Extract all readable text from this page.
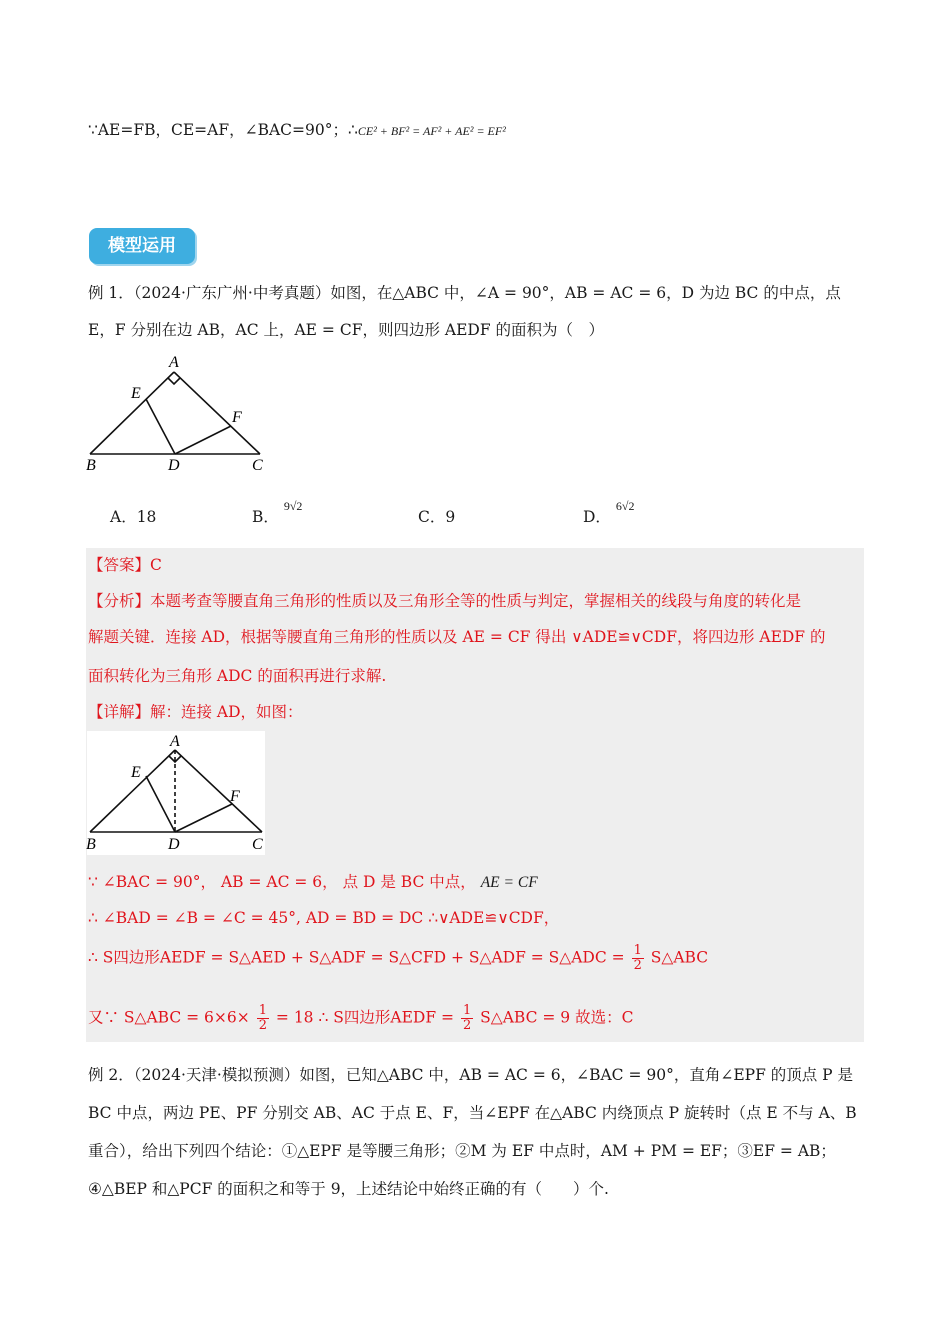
∵AE=FB，CE=AF，∠BAC=90°；∴CE² + BF² = AF² + AE² = EF²
模型运用
例 1．（2024·广东广州·中考真题）如图，在△ABC 中，∠A = 90°，AB = AC = 6，D 为边 BC 的中点，点
E，F 分别在边 AB，AC 上，AE = CF，则四边形 AEDF 的面积为（　）
A
E
F
B	D	C
A．18	B． $^{9√2}$
C．9	D． $^{6√2}$
【答案】C
【分析】本题考查等腰直角三角形的性质以及三角形全等的性质与判定，掌握相关的线段与角度的转化是
解题关键．连接 AD，根据等腰直角三角形的性质以及 AE = CF 得出 ∨ADE≌∨CDF，将四边形 AEDF 的
面积转化为三角形 ADC 的面积再进行求解.
【详解】解：连接 AD，如图：
A
E
F
B	D	C
∵ ∠BAC = 90°， AB = AC = 6， 点 D 是 BC 中点， AE = CF
∴ ∠BAD = ∠B = ∠C = 45°, AD = BD = DC ∴∨ADE≌∨CDF，
∴ S四边形AEDF = S△AED + S△ADF = S△CFD + S△ADF = S△ADC = $\frac{1}{2}$ S△ABC
又∵ S△ABC = $6\times 6\times \frac{1}{2} = 18$ ∴ S四边形AEDF = $\frac{1}{2}$ S△ABC = 9 故选：C
例 2．（2024·天津·模拟预测）如图，已知△ABC 中，AB = AC = 6，∠BAC = 90°，直角∠EPF 的顶点 P 是
BC 中点，两边 PE、PF 分别交 AB、AC 于点 E、F，当∠EPF 在△ABC 内绕顶点 P 旋转时（点 E 不与 A、B
重合），给出下列四个结论：①△EPF 是等腰三角形；②M 为 EF 中点时，AM + PM = EF；③EF = AB；
④△BEP 和△PCF 的面积之和等于 9，上述结论中始终正确的有（　　）个.
